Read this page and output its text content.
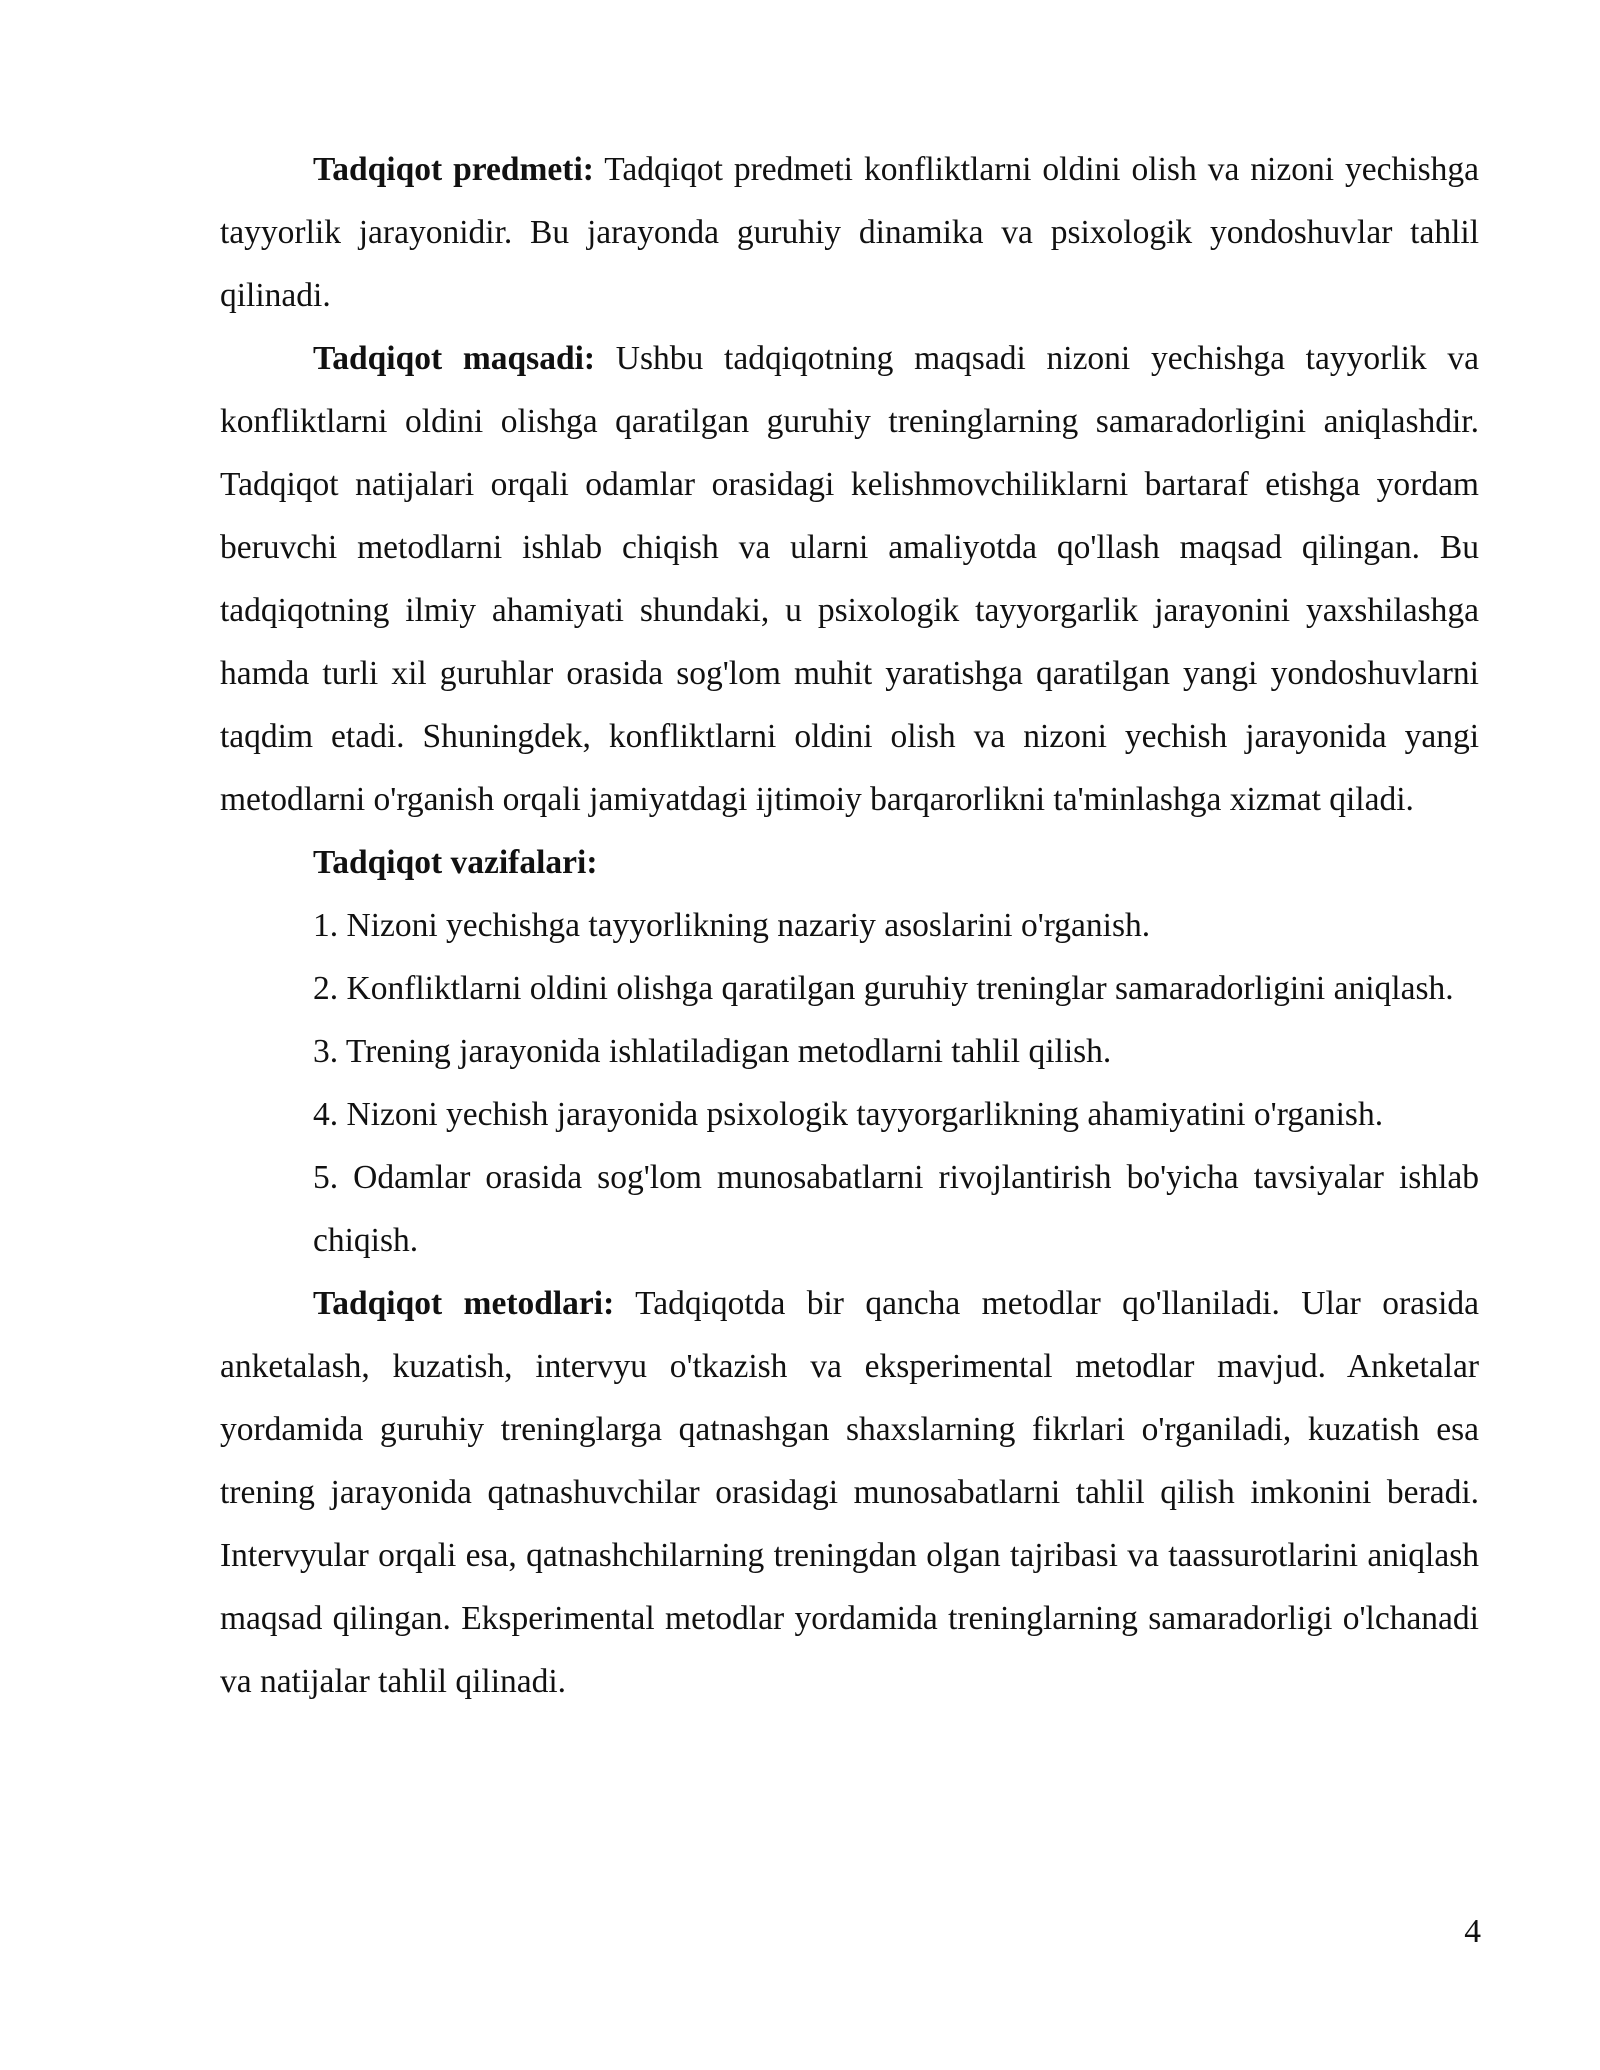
Tadqiqot predmeti: Tadqiqot predmeti konfliktlarni oldini olish va nizoni yechishga tayyorlik jarayonidir. Bu jarayonda guruhiy dinamika va psixologik yondoshuvlar tahlil qilinadi.

Tadqiqot maqsadi: Ushbu tadqiqotning maqsadi nizoni yechishga tayyorlik va konfliktlarni oldini olishga qaratilgan guruhiy treninglarning samaradorligini aniqlashdir. Tadqiqot natijalari orqali odamlar orasidagi kelishmovchiliklarni bartaraf etishga yordam beruvchi metodlarni ishlab chiqish va ularni amaliyotda qo'llash maqsad qilingan. Bu tadqiqotning ilmiy ahamiyati shundaki, u psixologik tayyorgarlik jarayonini yaxshilashga hamda turli xil guruhlar orasida sog'lom muhit yaratishga qaratilgan yangi yondoshuvlarni taqdim etadi. Shuningdek, konfliktlarni oldini olish va nizoni yechish jarayonida yangi metodlarni o'rganish orqali jamiyatdagi ijtimoiy barqarorlikni ta'minlashga xizmat qiladi.

Tadqiqot vazifalari:

1. Nizoni yechishga tayyorlikning nazariy asoslarini o'rganish.
2. Konfliktlarni oldini olishga qaratilgan guruhiy treninglar samaradorligini aniqlash.
3. Trening jarayonida ishlatiladigan metodlarni tahlil qilish.
4. Nizoni yechish jarayonida psixologik tayyorgarlikning ahamiyatini o'rganish.
5. Odamlar orasida sog'lom munosabatlarni rivojlantirish bo'yicha tavsiyalar ishlab chiqish.

Tadqiqot metodlari: Tadqiqotda bir qancha metodlar qo'llaniladi. Ular orasida anketalash, kuzatish, intervyu o'tkazish va eksperimental metodlar mavjud. Anketalar yordamida guruhiy treninglarga qatnashgan shaxslarning fikrlari o'rganiladi, kuzatish esa trening jarayonida qatnashuvchilar orasidagi munosabatlarni tahlil qilish imkonini beradi. Intervyular orqali esa, qatnashchilarning treningdan olgan tajribasi va taassurotlarini aniqlash maqsad qilingan. Eksperimental metodlar yordamida treninglarning samaradorligi o'lchanadi va natijalar tahlil qilinadi.

4
